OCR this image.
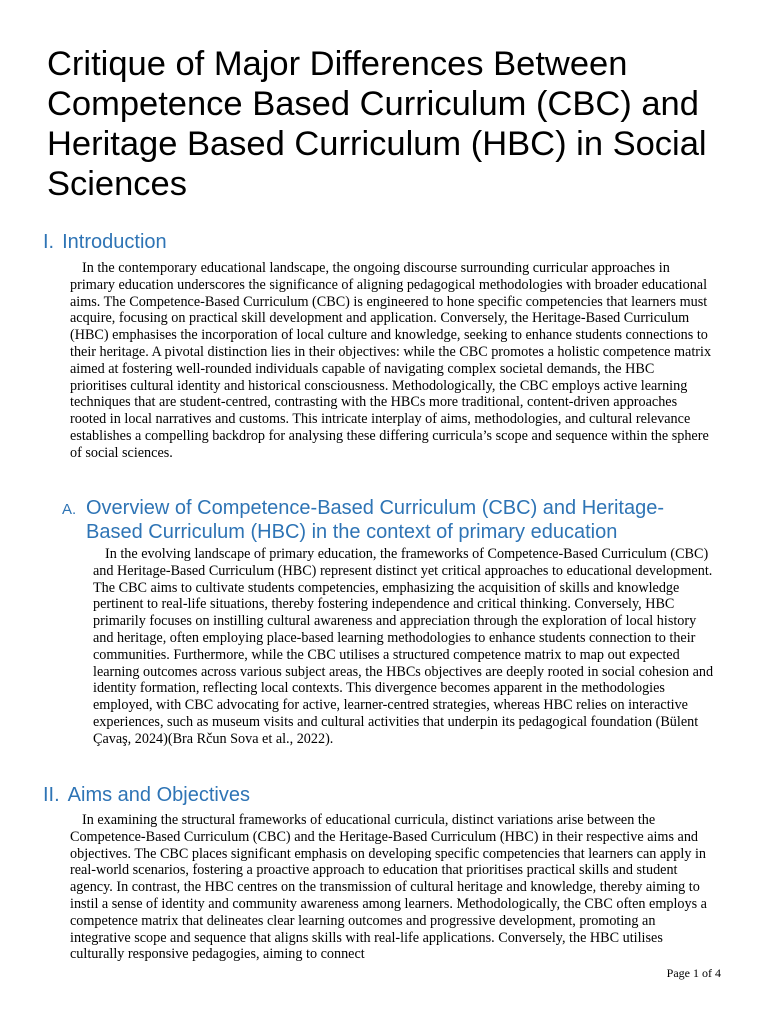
Critique of Major Differences Between Competence Based Curriculum (CBC) and Heritage Based Curriculum (HBC) in Social Sciences
I. Introduction

In the contemporary educational landscape, the ongoing discourse surrounding curricular approaches in primary education underscores the significance of aligning pedagogical methodologies with broader educational aims. The Competence-Based Curriculum (CBC) is engineered to hone specific competencies that learners must acquire, focusing on practical skill development and application. Conversely, the Heritage-Based Curriculum (HBC) emphasises the incorporation of local culture and knowledge, seeking to enhance students connections to their heritage. A pivotal distinction lies in their objectives: while the CBC promotes a holistic competence matrix aimed at fostering well-rounded individuals capable of navigating complex societal demands, the HBC prioritises cultural identity and historical consciousness. Methodologically, the CBC employs active learning techniques that are student-centred, contrasting with the HBCs more traditional, content-driven approaches rooted in local narratives and customs. This intricate interplay of aims, methodologies, and cultural relevance establishes a compelling backdrop for analysing these differing curricula’s scope and sequence within the sphere of social sciences.

A. Overview of Competence-Based Curriculum (CBC) and Heritage-Based Curriculum (HBC) in the context of primary education

In the evolving landscape of primary education, the frameworks of Competence-Based Curriculum (CBC) and Heritage-Based Curriculum (HBC) represent distinct yet critical approaches to educational development. The CBC aims to cultivate students competencies, emphasizing the acquisition of skills and knowledge pertinent to real-life situations, thereby fostering independence and critical thinking. Conversely, HBC primarily focuses on instilling cultural awareness and appreciation through the exploration of local history and heritage, often employing place-based learning methodologies to enhance students connection to their communities. Furthermore, while the CBC utilises a structured competence matrix to map out expected learning outcomes across various subject areas, the HBCs objectives are deeply rooted in social cohesion and identity formation, reflecting local contexts. This divergence becomes apparent in the methodologies employed, with CBC advocating for active, learner-centred strategies, whereas HBC relies on interactive experiences, such as museum visits and cultural activities that underpin its pedagogical foundation (Bülent Çavaş, 2024)(Bra Rčun Sova et al., 2022).

II. Aims and Objectives

In examining the structural frameworks of educational curricula, distinct variations arise between the Competence-Based Curriculum (CBC) and the Heritage-Based Curriculum (HBC) in their respective aims and objectives. The CBC places significant emphasis on developing specific competencies that learners can apply in real-world scenarios, fostering a proactive approach to education that prioritises practical skills and student agency. In contrast, the HBC centres on the transmission of cultural heritage and knowledge, thereby aiming to instil a sense of identity and community awareness among learners. Methodologically, the CBC often employs a competence matrix that delineates clear learning outcomes and progressive development, promoting an integrative scope and sequence that aligns skills with real-life applications. Conversely, the HBC utilises culturally responsive pedagogies, aiming to connect

Page 1 of 4
